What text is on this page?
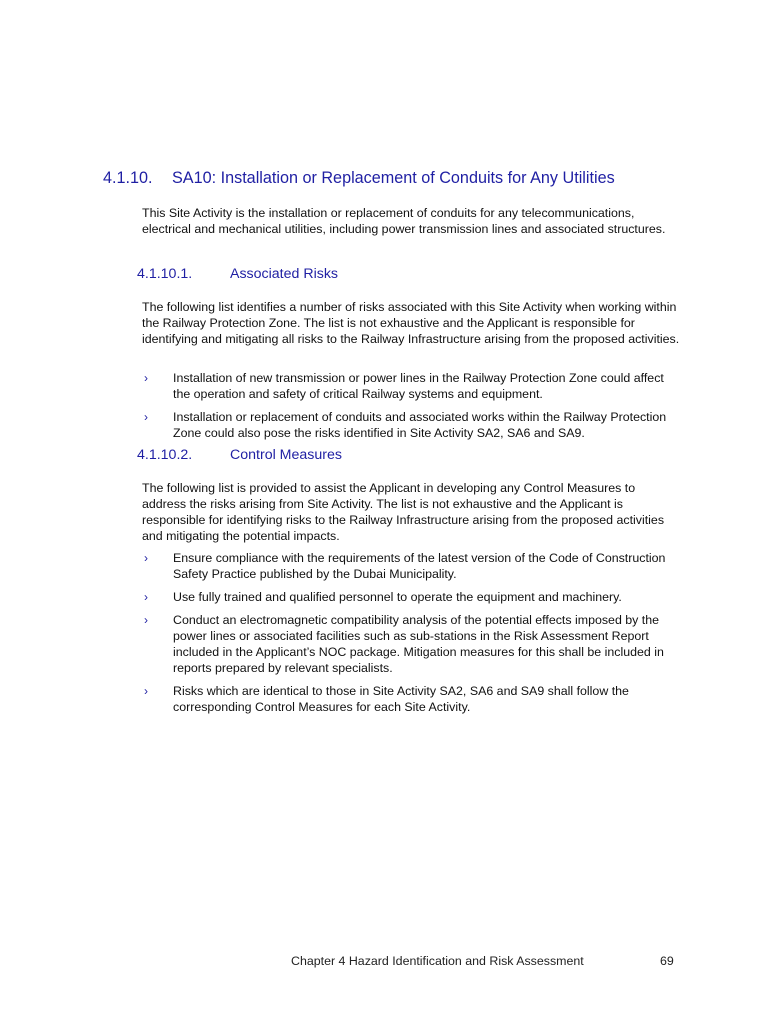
4.1.10. SA10: Installation or Replacement of Conduits for Any Utilities
This Site Activity is the installation or replacement of conduits for any telecommunications, electrical and mechanical utilities, including power transmission lines and associated structures.
4.1.10.1.	Associated Risks
The following list identifies a number of risks associated with this Site Activity when working within the Railway Protection Zone. The list is not exhaustive and the Applicant is responsible for identifying and mitigating all risks to the Railway Infrastructure arising from the proposed activities.
› Installation of new transmission or power lines in the Railway Protection Zone could affect the operation and safety of critical Railway systems and equipment.
› Installation or replacement of conduits and associated works within the Railway Protection Zone could also pose the risks identified in Site Activity SA2, SA6 and SA9.
4.1.10.2.	Control Measures
The following list is provided to assist the Applicant in developing any Control Measures to address the risks arising from Site Activity. The list is not exhaustive and the Applicant is responsible for identifying risks to the Railway Infrastructure arising from the proposed activities and mitigating the potential impacts.
› Ensure compliance with the requirements of the latest version of the Code of Construction Safety Practice published by the Dubai Municipality.
› Use fully trained and qualified personnel to operate the equipment and machinery.
› Conduct an electromagnetic compatibility analysis of the potential effects imposed by the power lines or associated facilities such as sub-stations in the Risk Assessment Report included in the Applicant’s NOC package. Mitigation measures for this shall be included in reports prepared by relevant specialists.
› Risks which are identical to those in Site Activity SA2, SA6 and SA9 shall follow the corresponding Control Measures for each Site Activity.
Chapter 4 Hazard Identification and Risk Assessment	69
